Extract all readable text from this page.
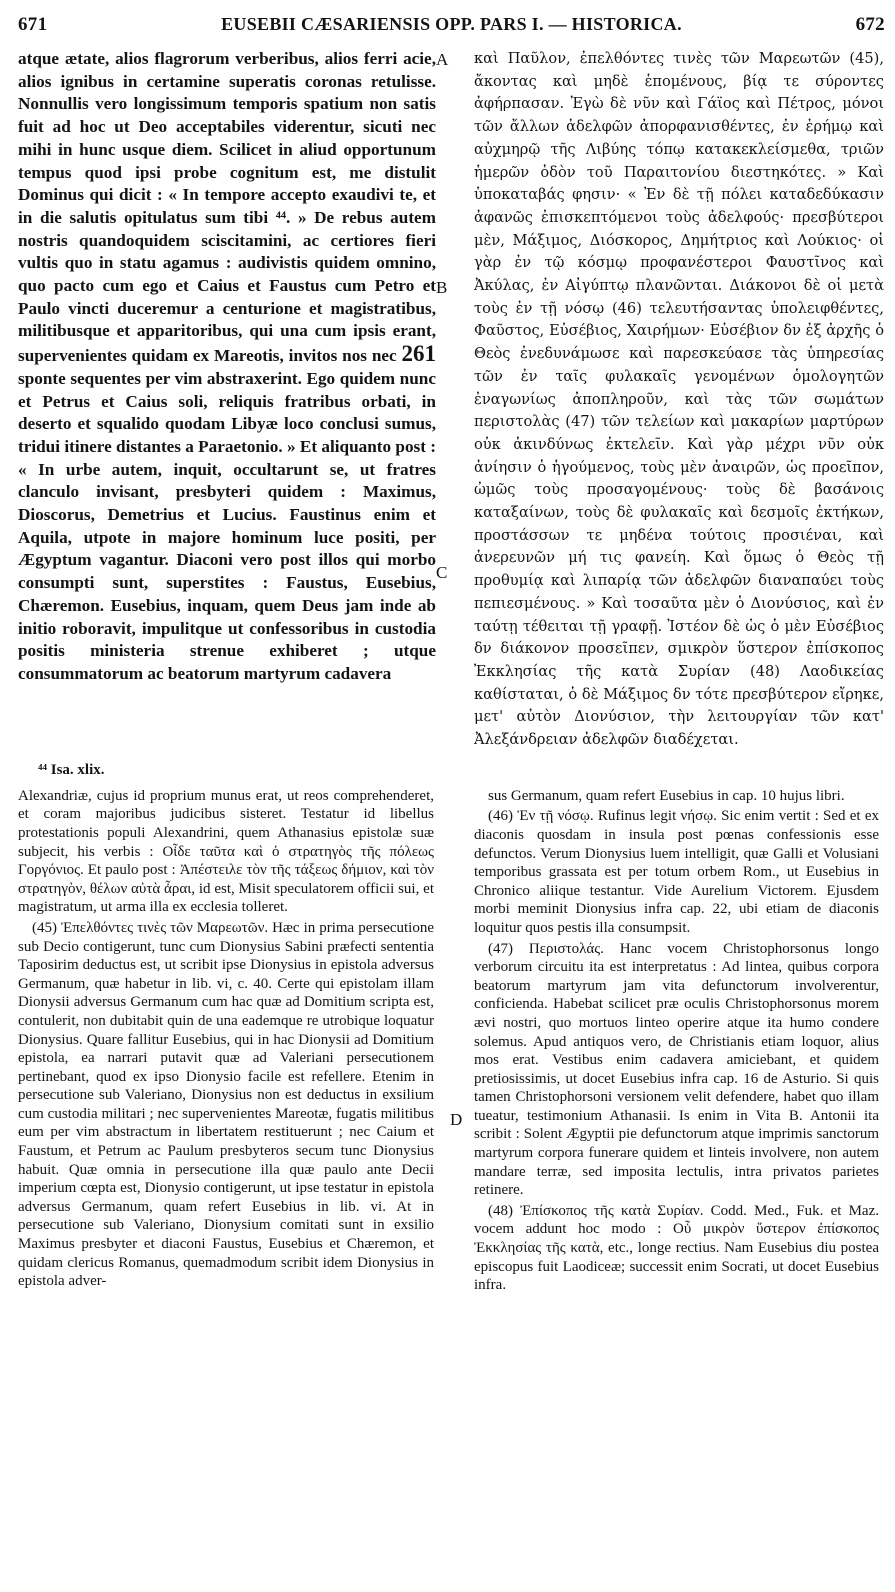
671	EUSEBII CÆSARIENSIS OPP. PARS I. — HISTORICA.	672

atque ætate, alios flagrorum verberibus, alios ferri acie, alios ignibus in certamine superatis coronas retulisse. Nonnullis vero longissimum temporis spatium non satis fuit ad hoc ut Deo acceptabiles viderentur, sicuti nec mihi in hunc usque diem. Scilicet in aliud opportunum tempus quod ipsi probe cognitum est, me distulit Dominus qui dicit : « In tempore accepto exaudivi te, et in die salutis opitulatus sum tibi ⁴⁴. » De rebus autem nostris quandoquidem sciscitamini, ac certiores fieri vultis quo in statu agamus : audivistis quidem omnino, quo pacto cum ego et Caius et Faustus cum Petro et Paulo vincti duceremur a centurione et magistratibus, militibusque et apparitoribus, qui una cum ipsis erant, supervenientes quidam ex Mareotis, invitos nos nec 261 sponte sequentes per vim abstraxerint. Ego quidem nunc et Petrus et Caius soli, reliquis fratribus orbati, in deserto et squalido quodam Libyæ loco conclusi sumus, tridui itinere distantes a Paraetonio. » Et aliquanto post : « In urbe autem, inquit, occultarunt se, ut fratres clanculo invisant, presbyteri quidem : Maximus, Dioscorus, Demetrius et Lucius. Faustinus enim et Aquila, utpote in majore hominum luce positi, per Ægyptum vagantur. Diaconi vero post illos qui morbo consumpti sunt, superstites : Faustus, Eusebius, Chæremon. Eusebius, inquam, quem Deus jam inde ab initio roboravit, impulitque ut confessoribus in custodia positis ministeria strenue exhiberet ; utque consummatorum ac beatorum martyrum cadavera

A
B
C

καὶ Παῦλον, ἐπελθόντες τινὲς τῶν Μαρεωτῶν (45), ἄκοντας καὶ μηδὲ ἑπομένους, βίᾳ τε σύροντες ἀφήρπασαν. Ἐγὼ δὲ νῦν καὶ Γάϊος καὶ Πέτρος, μόνοι τῶν ἄλλων ἀδελφῶν ἀπορφανισθέντες, ἐν ἐρήμῳ καὶ αὐχμηρῷ τῆς Λιβύης τόπῳ κατακεκλείσμεθα, τριῶν ἡμερῶν ὁδὸν τοῦ Παραιτονίου διεστηκότες. » Καὶ ὑποκαταβάς φησιν· « Ἐν δὲ τῇ πόλει καταδεδύκασιν ἀφανῶς ἐπισκεπτόμενοι τοὺς ἀδελφούς· πρεσβύτεροι μὲν, Μάξιμος, Διόσκορος, Δημήτριος καὶ Λούκιος· οἱ γὰρ ἐν τῷ κόσμῳ προφανέστεροι Φαυστῖνος καὶ Ἀκύλας, ἐν Αἰγύπτῳ πλανῶνται. Διάκονοι δὲ οἱ μετὰ τοὺς ἐν τῇ νόσῳ (46) τελευτήσαντας ὑπολειφθέντες, Φαῦστος, Εὐσέβιος, Χαιρήμων· Εὐσέβιον δν ἐξ ἀρχῆς ὁ Θεὸς ἐνεδυνάμωσε καὶ παρεσκεύασε τὰς ὑπηρεσίας τῶν ἐν ταῖς φυλακαῖς γενομένων ὁμολογητῶν ἐναγωνίως ἀποπληροῦν, καὶ τὰς τῶν σωμάτων περιστολὰς (47) τῶν τελείων καὶ μακαρίων μαρτύρων οὐκ ἀκινδύνως ἐκτελεῖν. Καὶ γὰρ μέχρι νῦν οὐκ ἀνίησιν ὁ ἡγούμενος, τοὺς μὲν ἀναιρῶν, ὡς προεῖπον, ὠμῶς τοὺς προσαγομένους· τοὺς δὲ βασάνοις καταξαίνων, τοὺς δὲ φυλακαῖς καὶ δεσμοῖς ἐκτήκων, προστάσσων τε μηδένα τούτοις προσιέναι, καὶ ἀνερευνῶν μή τις φανείη. Καὶ ὅμως ὁ Θεὸς τῇ προθυμίᾳ καὶ λιπαρίᾳ τῶν ἀδελφῶν διαναπαύει τοὺς πεπιεσμένους. » Καὶ τοσαῦτα μὲν ὁ Διονύσιος, καὶ ἐν ταύτῃ τέθειται τῇ γραφῇ. Ἰστέον δὲ ὡς ὁ μὲν Εὐσέβιος δν διάκονον προσεῖπεν, σμικρὸν ὕστερον ἐπίσκοπος Ἐκκλησίας τῆς κατὰ Συρίαν (48) Λαοδικείας καθίσταται, ὁ δὲ Μάξιμος δν τότε πρεσβύτερον εἴρηκε, μετ' αὐτὸν Διονύσιον, τὴν λειτουργίαν τῶν κατ' Ἀλεξάνδρειαν ἀδελφῶν διαδέχεται.

⁴⁴ Isa. xlix.

Alexandriæ, cujus id proprium munus erat, ut reos comprehenderet, et coram majoribus judicibus sisteret. Testatur id libellus protestationis populi Alexandrini, quem Athanasius epistolæ suæ subjecit, his verbis : Οἶδε ταῦτα καὶ ὁ στρατηγὸς τῆς πόλεως Γοργόνιος. Et paulo post : Ἀπέστειλε τὸν τῆς τάξεως δήμιον, καὶ τὸν στρατηγὸν, θέλων αὐτὰ ἆραι, id est, Misit speculatorem officii sui, et magistratum, ut arma illa ex ecclesia tolleret.

(45) Ἐπελθόντες τινὲς τῶν Μαρεωτῶν. Hæc in prima persecutione sub Decio contigerunt, tunc cum Dionysius Sabini præfecti sententia Taposirim deductus est, ut scribit ipse Dionysius in epistola adversus Germanum, quæ habetur in lib. vi, c. 40. Certe qui epistolam illam Dionysii adversus Germanum cum hac quæ ad Domitium scripta est, contulerit, non dubitabit quin de una eademque re utrobique loquatur Dionysius. Quare fallitur Eusebius, qui in hac Dionysii ad Domitium epistola, ea narrari putavit quæ ad Valeriani persecutionem pertinebant, quod ex ipso Dionysio facile est refellere. Etenim in persecutione sub Valeriano, Dionysius non est deductus in exsilium cum custodia militari ; nec supervenientes Mareotæ, fugatis militibus eum per vim abstractum in libertatem restituerunt ; nec Caium et Faustum, et Petrum ac Paulum presbyteros secum tunc Dionysius habuit. Quæ omnia in persecutione illa quæ paulo ante Decii imperium cœpta est, Dionysio contigerunt, ut ipse testatur in epistola adversus Germanum, quam refert Eusebius in lib. vi. At in persecutione sub Valeriano, Dionysium comitati sunt in exsilio Maximus presbyter et diaconi Faustus, Eusebius et Chæremon, et quidam clericus Romanus, quemadmodum scribit idem Dionysius in epistola adver-

D

sus Germanum, quam refert Eusebius in cap. 10 hujus libri.

(46) Ἐν τῇ νόσῳ. Rufinus legit νήσῳ. Sic enim vertit : Sed et ex diaconis quosdam in insula post pœnas confessionis esse defunctos. Verum Dionysius luem intelligit, quæ Galli et Volusiani temporibus grassata est per totum orbem Rom., ut Eusebius in Chronico aliique testantur. Vide Aurelium Victorem. Ejusdem morbi meminit Dionysius infra cap. 22, ubi etiam de diaconis loquitur quos pestis illa consumpsit.

(47) Περιστολάς. Hanc vocem Christophorsonus longo verborum circuitu ita est interpretatus : Ad lintea, quibus corpora beatorum martyrum jam vita defunctorum involverentur, conficienda. Habebat scilicet præ oculis Christophorsonus morem ævi nostri, quo mortuos linteo operire atque ita humo condere solemus. Apud antiquos vero, de Christianis etiam loquor, alius mos erat. Vestibus enim cadavera amiciebant, et quidem pretiosissimis, ut docet Eusebius infra cap. 16 de Asturio. Si quis tamen Christophorsoni versionem velit defendere, habet quo illam tueatur, testimonium Athanasii. Is enim in Vita B. Antonii ita scribit : Solent Ægyptii pie defunctorum atque imprimis sanctorum martyrum corpora funerare quidem et linteis involvere, non autem mandare terræ, sed imposita lectulis, intra privatos parietes retinere.

(48) Ἐπίσκοπος τῆς κατὰ Συρίαν. Codd. Med., Fuk. et Maz. vocem addunt hoc modo : Οὗ μικρὸν ὕστερον ἐπίσκοπος Ἐκκλησίας τῆς κατὰ, etc., longe rectius. Nam Eusebius diu postea episcopus fuit Laodiceæ; successit enim Socrati, ut docet Eusebius infra.
